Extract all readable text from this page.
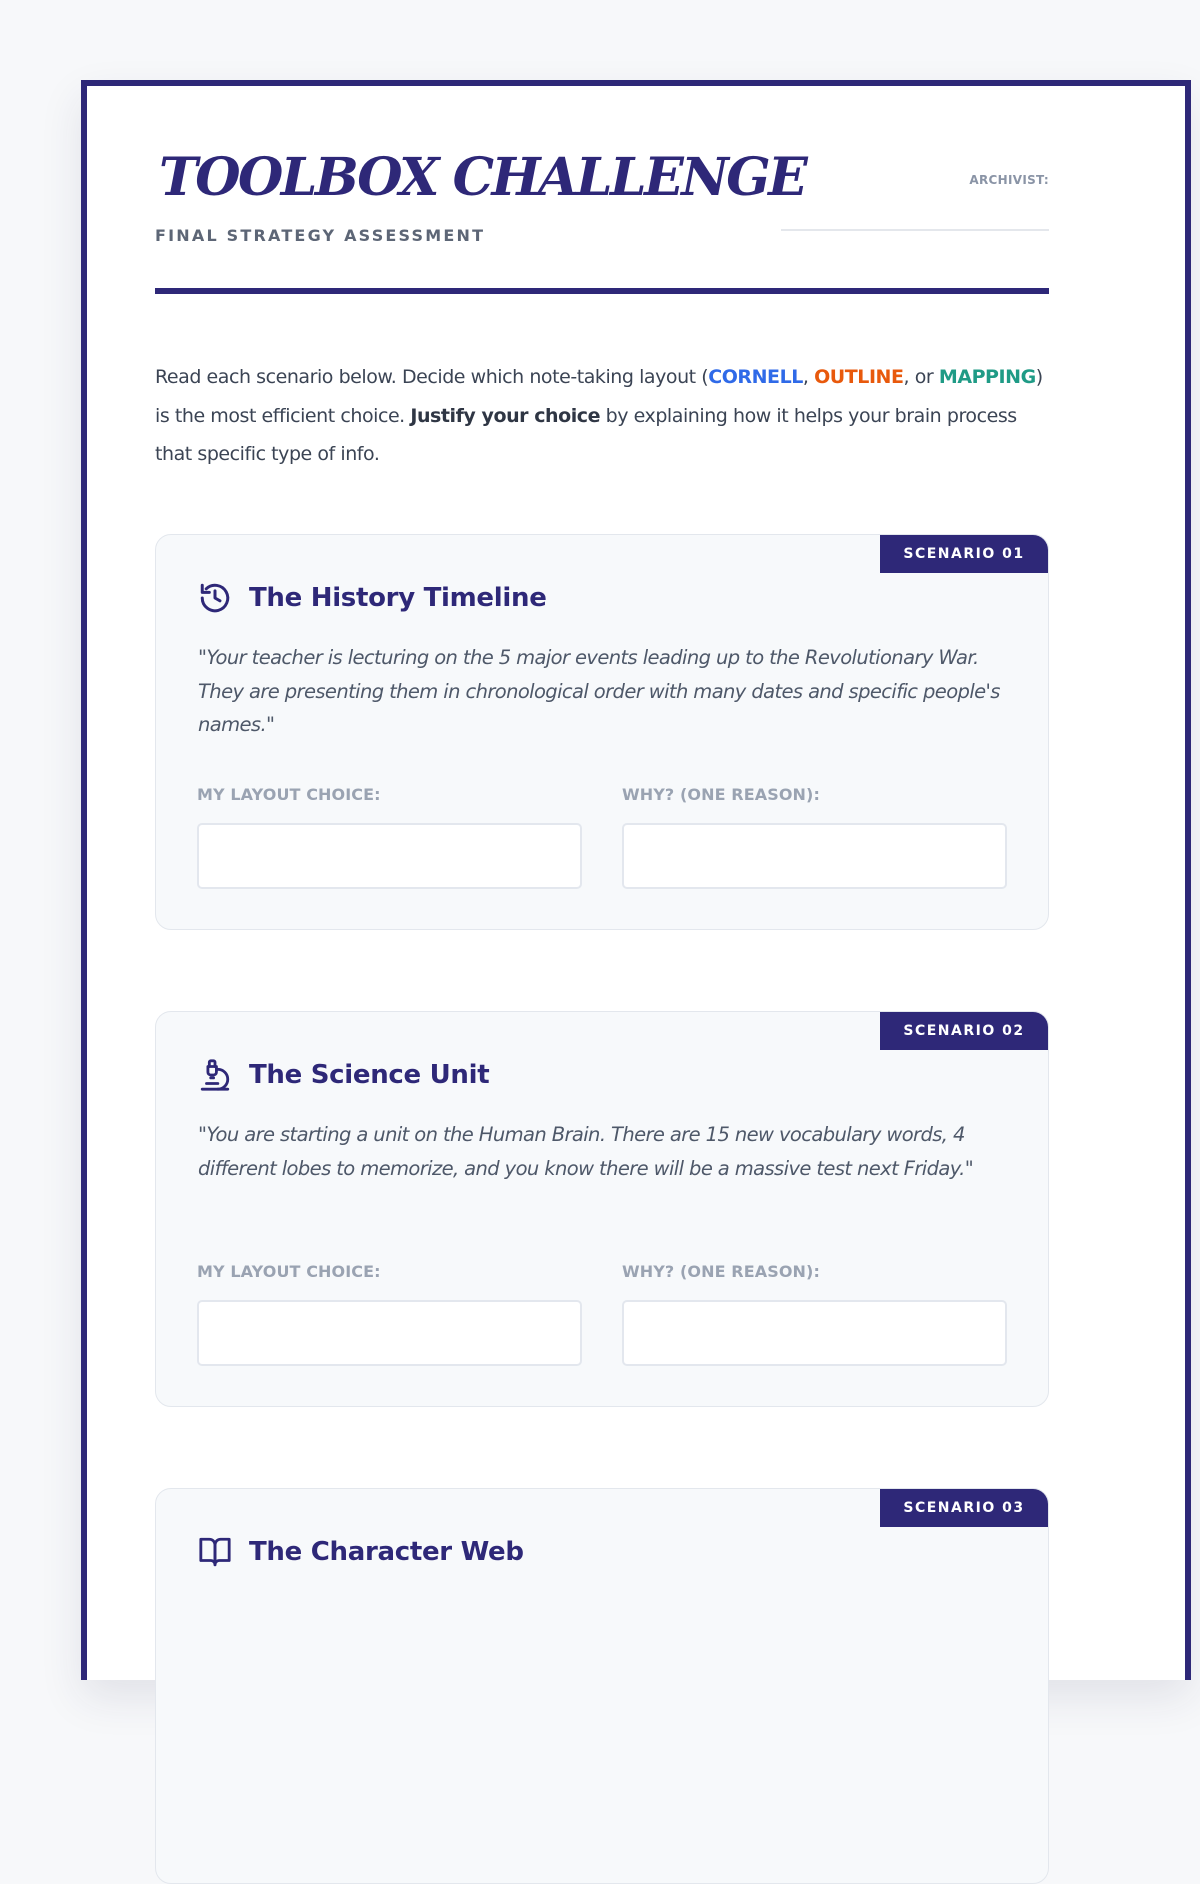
TOOLBOX CHALLENGE
FINAL STRATEGY ASSESSMENT
ARCHIVIST:

Read each scenario below. Decide which note-taking layout (CORNELL, OUTLINE, or MAPPING) is the most efficient choice. Justify your choice by explaining how it helps your brain process that specific type of info.

SCENARIO 01
The History Timeline

"Your teacher is lecturing on the 5 major events leading up to the Revolutionary War. They are presenting them in chronological order with many dates and specific people's names."

MY LAYOUT CHOICE:	WHY? (ONE REASON):
SCENARIO 02
The Science Unit

"You are starting a unit on the Human Brain. There are 15 new vocabulary words, 4 different lobes to memorize, and you know there will be a massive test next Friday."

MY LAYOUT CHOICE:	WHY? (ONE REASON):
SCENARIO 03
The Character Web
